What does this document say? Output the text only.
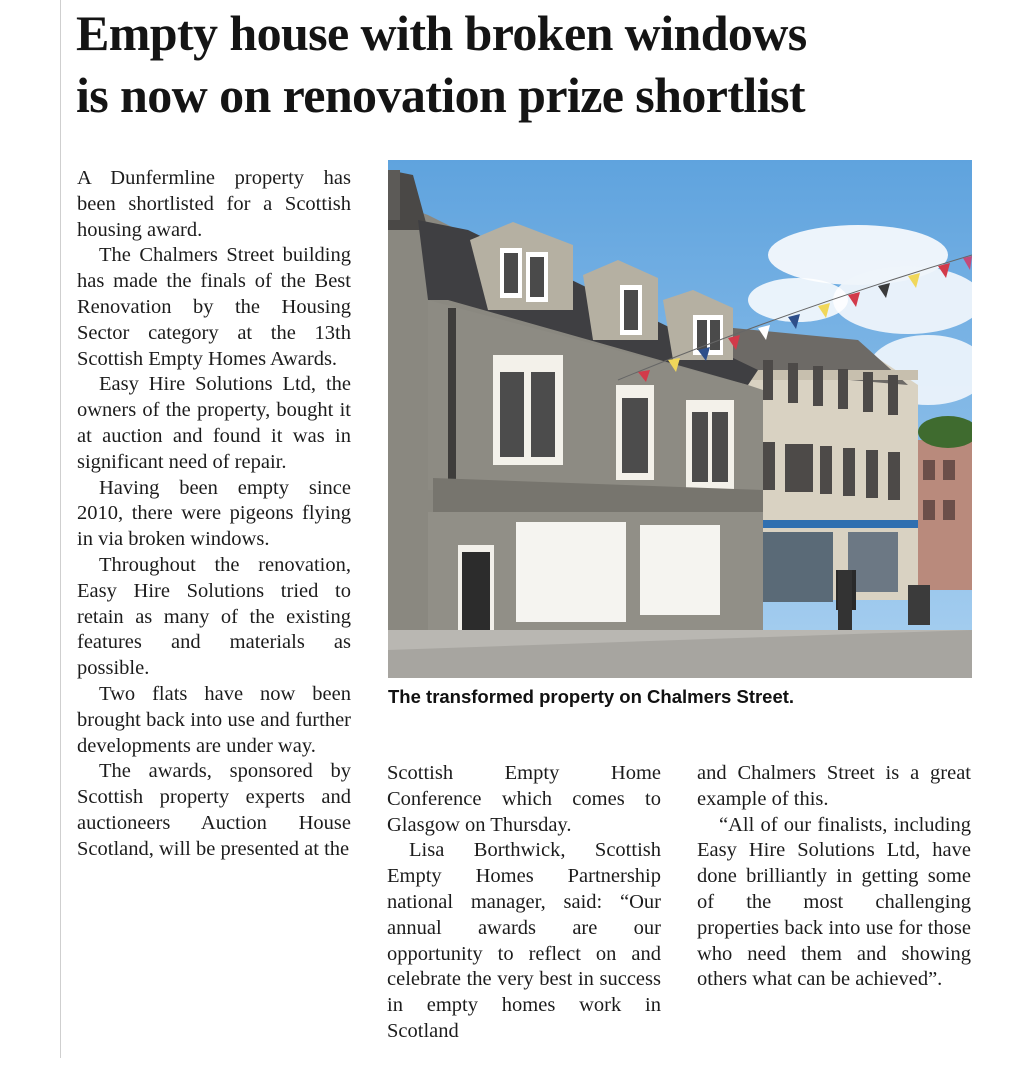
Empty house with broken windows
is now on renovation prize shortlist

A Dunfermline property has been shortlisted for a Scottish housing award.

The Chalmers Street building has made the finals of the Best Renovation by the Housing Sector category at the 13th Scottish Empty Homes Awards.

Easy Hire Solutions Ltd, the owners of the property, bought it at auction and found it was in significant need of repair.

Having been empty since 2010, there were pigeons flying in via broken windows.

Throughout the renovation, Easy Hire Solutions tried to retain as many of the existing features and materials as possible.

Two flats have now been brought back into use and further developments are under way.

The awards, sponsored by Scottish property experts and auctioneers Auction House Scotland, will be presented at the

The transformed property on Chalmers Street.

Scottish Empty Home Conference which comes to Glasgow on Thursday.

Lisa Borthwick, Scottish Empty Homes Partnership national manager, said: “Our annual awards are our opportunity to reflect on and celebrate the very best in success in empty homes work in Scotland

and Chalmers Street is a great example of this.

“All of our finalists, including Easy Hire Solutions Ltd, have done brilliantly in getting some of the most challenging properties back into use for those who need them and showing others what can be achieved”.
